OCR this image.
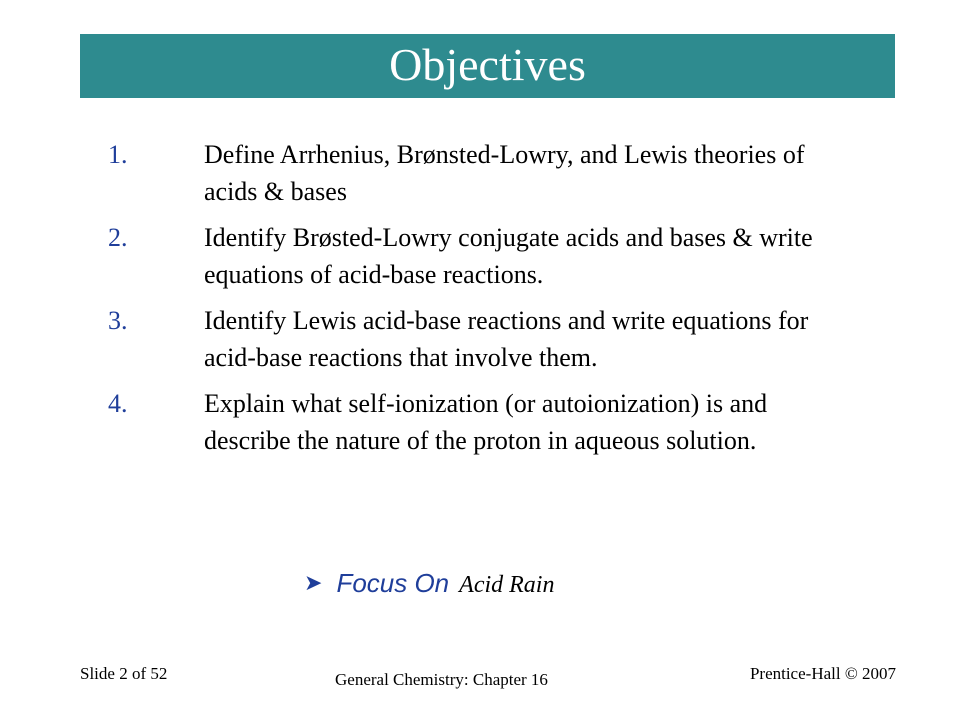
Objectives
1.	Define Arrhenius, Brønsted-Lowry, and Lewis theories of acids & bases
2.	Identify Brøsted-Lowry conjugate acids and bases & write equations of acid-base reactions.
3.	Identify Lewis acid-base reactions and write equations for acid-base reactions that involve them.
4.	Explain what self-ionization (or autoionization) is and describe the nature of the proton in aqueous solution.
➤ Focus On Acid Rain
Slide 2 of 52	General Chemistry: Chapter 16	Prentice-Hall © 2007
